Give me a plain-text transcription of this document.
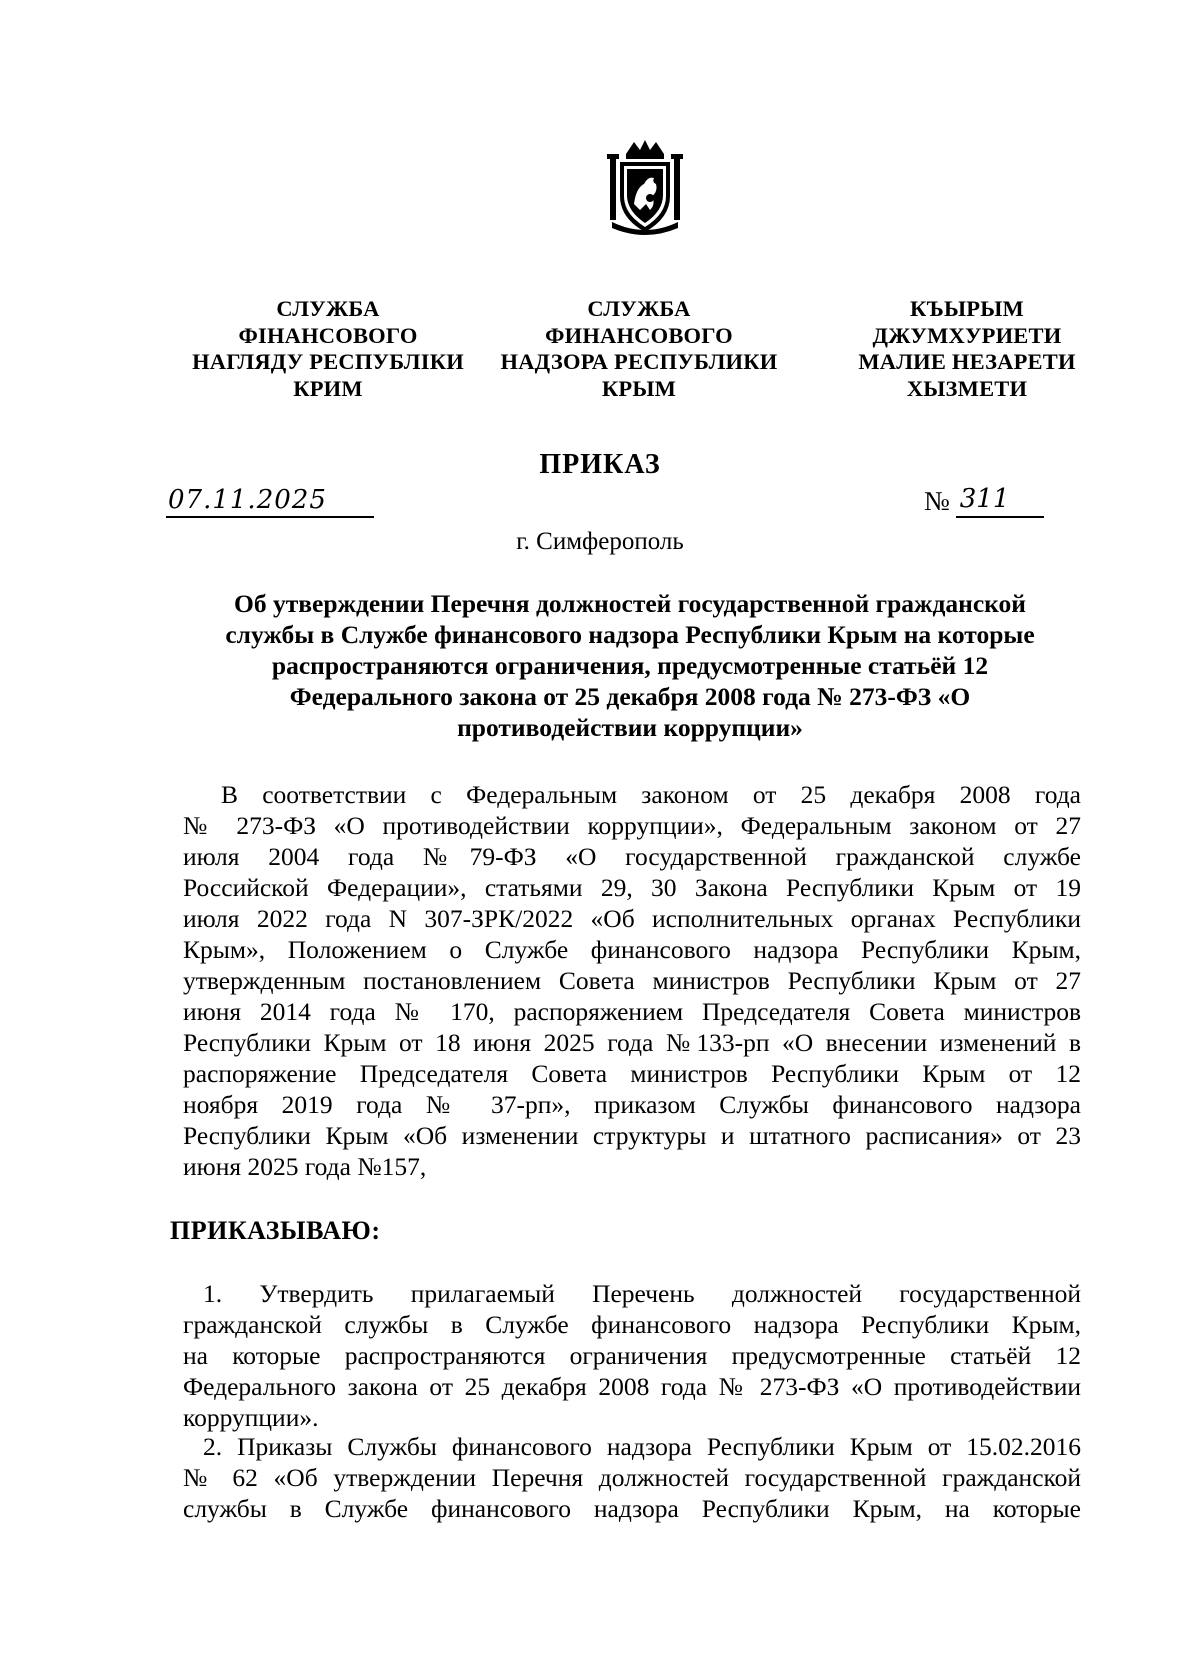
СЛУЖБА
ФІНАНСОВОГО
НАГЛЯДУ РЕСПУБЛІКИ
КРИМ
СЛУЖБА
ФИНАНСОВОГО
НАДЗОРА РЕСПУБЛИКИ
КРЫМ
КЪЫРЫМ
ДЖУМХУРИЕТИ
МАЛИЕ НЕЗАРЕТИ
ХЫЗМЕТИ
ПРИКАЗ
07.11.2025	№ 311
г. Симферополь
Об утверждении Перечня должностей государственной гражданской
службы в Службе финансового надзора Республики Крым на которые
распространяются ограничения, предусмотренные статьёй 12
Федерального закона от 25 декабря 2008 года № 273-ФЗ «О
противодействии коррупции»
В соответствии с Федеральным законом от 25 декабря 2008 года
№ 273-ФЗ «О противодействии коррупции», Федеральным законом от 27
июля 2004 года №79-ФЗ «О государственной гражданской службе
Российской Федерации», статьями 29, 30 Закона Республики Крым от 19
июля 2022 года N 307-ЗРК/2022 «Об исполнительных органах Республики
Крым», Положением о Службе финансового надзора Республики Крым,
утвержденным постановлением Совета министров Республики Крым от 27
июня 2014 года № 170, распоряжением Председателя Совета министров
Республики Крым от 18 июня 2025 года №133-рп «О внесении изменений в
распоряжение Председателя Совета министров Республики Крым от 12
ноября 2019 года № 37-рп», приказом Службы финансового надзора
Республики Крым «Об изменении структуры и штатного расписания» от 23
июня 2025 года №157,
ПРИКАЗЫВАЮ:
1. Утвердить прилагаемый Перечень должностей государственной
гражданской службы в Службе финансового надзора Республики Крым,
на которые распространяются ограничения предусмотренные статьёй 12
Федерального закона от 25 декабря 2008 года № 273-ФЗ «О противодействии
коррупции».
2. Приказы Службы финансового надзора Республики Крым от 15.02.2016
№ 62 «Об утверждении Перечня должностей государственной гражданской
службы в Службе финансового надзора Республики Крым, на которые
